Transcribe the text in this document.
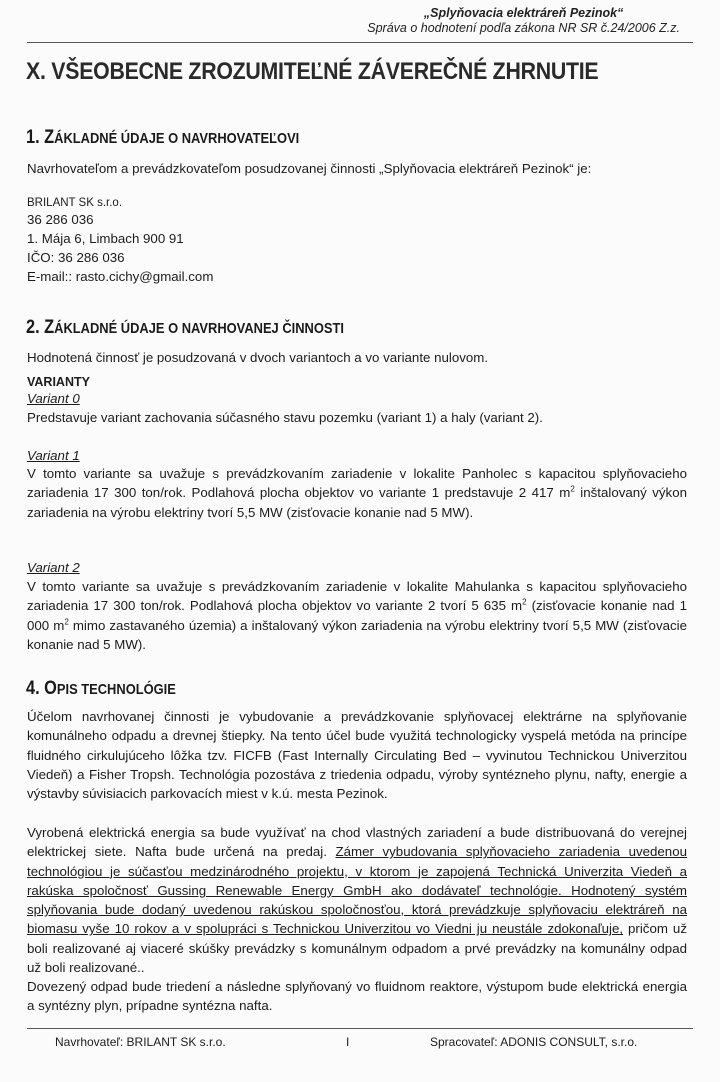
„Splyňovacia elektráreň Pezinok“
Správa o hodnotení podľa zákona NR SR č.24/2006 Z.z.
X. VŠEOBECNE ZROZUMITEĽNÉ ZÁVEREČNÉ ZHRNUTIE
1. ZÁKLADNÉ ÚDAJE O NAVRHOVATEĽOVI
Navrhovateľom a prevádzkovateľom posudzovanej činnosti „Splyňovacia elektráreň Pezinok“ je:
BRILANT SK s.r.o.
36 286 036
1. Mája 6, Limbach 900 91
IČO: 36 286 036
E-mail:: rasto.cichy@gmail.com
2. ZÁKLADNÉ ÚDAJE O NAVRHOVANEJ ČINNOSTI
Hodnotená činnosť je posudzovaná v dvoch variantoch a vo variante nulovom.
VARIANTY
Variant 0
Predstavuje variant zachovania súčasného stavu pozemku (variant 1) a haly (variant 2).
Variant 1
V tomto variante sa uvažuje s prevádzkovaním zariadenie v lokalite Panholec s kapacitou splyňovacieho zariadenia 17 300 ton/rok. Podlahová plocha objektov vo variante 1 predstavuje 2 417 $m^2$ inštalovaný výkon zariadenia na výrobu elektriny tvorí 5,5 MW (zisťovacie konanie nad 5 MW).
Variant 2
V tomto variante sa uvažuje s prevádzkovaním zariadenie v lokalite Mahulanka s kapacitou splyňovacieho zariadenia 17 300 ton/rok. Podlahová plocha objektov vo variante 2 tvorí 5 635 $m^2$ (zisťovacie konanie nad 1 000 $m^2$ mimo zastavaného územia) a inštalovaný výkon zariadenia na výrobu elektriny tvorí 5,5 MW (zisťovacie konanie nad 5 MW).
4. OPIS TECHNOLÓGIE
Účelom navrhovanej činnosti je vybudovanie a prevádzkovanie splyňovacej elektrárne na splyňovanie komunálneho odpadu a drevnej štiepky. Na tento účel bude využitá technologicky vyspelá metóda na princípe fluidného cirkulujúceho lôžka tzv. FICFB (Fast Internally Circulating Bed – vyvinutou Technickou Univerzitou Viedeň) a Fisher Tropsh. Technológia pozostáva z triedenia odpadu, výroby syntézneho plynu, nafty, energie a výstavby súvisiacich parkovacích miest v k.ú. mesta Pezinok.
Vyrobená elektrická energia sa bude využívať na chod vlastných zariadení a bude distribuovaná do verejnej elektrickej siete. Nafta bude určená na predaj. Zámer vybudovania splyňovacieho zariadenia uvedenou technológiou je súčasťou medzinárodného projektu, v ktorom je zapojená Technická Univerzita Viedeň a rakúska spoločnosť Gussing Renewable Energy GmbH ako dodávateľ technológie. Hodnotený systém splyňovania bude dodaný uvedenou rakúskou spoločnosťou, ktorá prevádzkuje splyňovaciu elektráreň na biomasu vyše 10 rokov a v spolupráci s Technickou Univerzitou vo Viedni ju neustále zdokonaľuje, pričom už boli realizované aj viaceré skúšky prevádzky s komunálnym odpadom a prvé prevádzky na komunálny odpad už boli realizované..
Dovezený odpad bude triedení a následne splyňovaný vo fluidnom reaktore, výstupom bude elektrická energia a syntézny plyn, prípadne syntézna nafta.
Navrhovateľ: BRILANT SK s.r.o.	I	Spracovateľ: ADONIS CONSULT, s.r.o.
